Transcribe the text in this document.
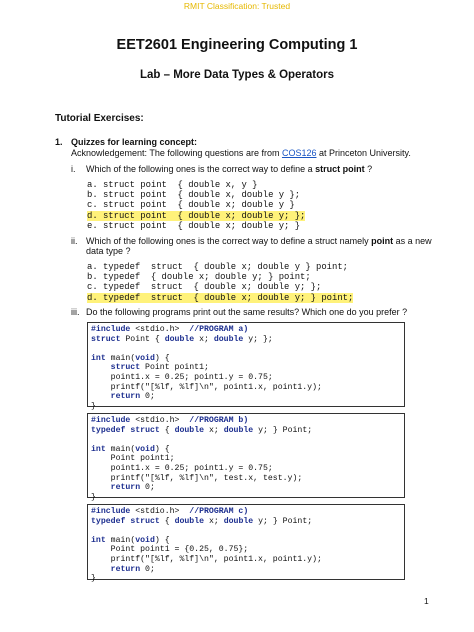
RMIT Classification: Trusted
EET2601 Engineering Computing 1
Lab – More Data Types & Operators
Tutorial Exercises:
1. Quizzes for learning concept:
Acknowledgement: The following questions are from COS126 at Princeton University.
i. Which of the following ones is the correct way to define a struct point ?
a. struct point  { double x, y }
b. struct point  { double x, double y };
c. struct point  { double x; double y }
d. struct point  { double x; double y; };
e. struct point  { double x; double y; }
ii. Which of the following ones is the correct way to define a struct namely point as a new
data type ?
a. typedef  struct  { double x; double y } point;
b. typedef  { double x; double y; } point;
c. typedef  struct  { double x; double y; };
d. typedef  struct  { double x; double y; } point;
iii. Do the following programs print out the same results? Which one do you prefer ?
#include <stdio.h>  //PROGRAM a)
struct Point { double x; double y; };
int main(void) {
struct Point point1;
point1.x = 0.25; point1.y = 0.75;
printf("[%lf, %lf]\n", point1.x, point1.y);
return 0;
}
#include <stdio.h>  //PROGRAM b)
typedef struct { double x; double y; } Point;
int main(void) {
Point point1;
point1.x = 0.25; point1.y = 0.75;
printf("[%lf, %lf]\n", test.x, test.y);
return 0;
}
#include <stdio.h>  //PROGRAM c)
typedef struct { double x; double y; } Point;
int main(void) {
Point point1 = {0.25, 0.75};
printf("[%lf, %lf]\n", point1.x, point1.y);
return 0;
}
1
